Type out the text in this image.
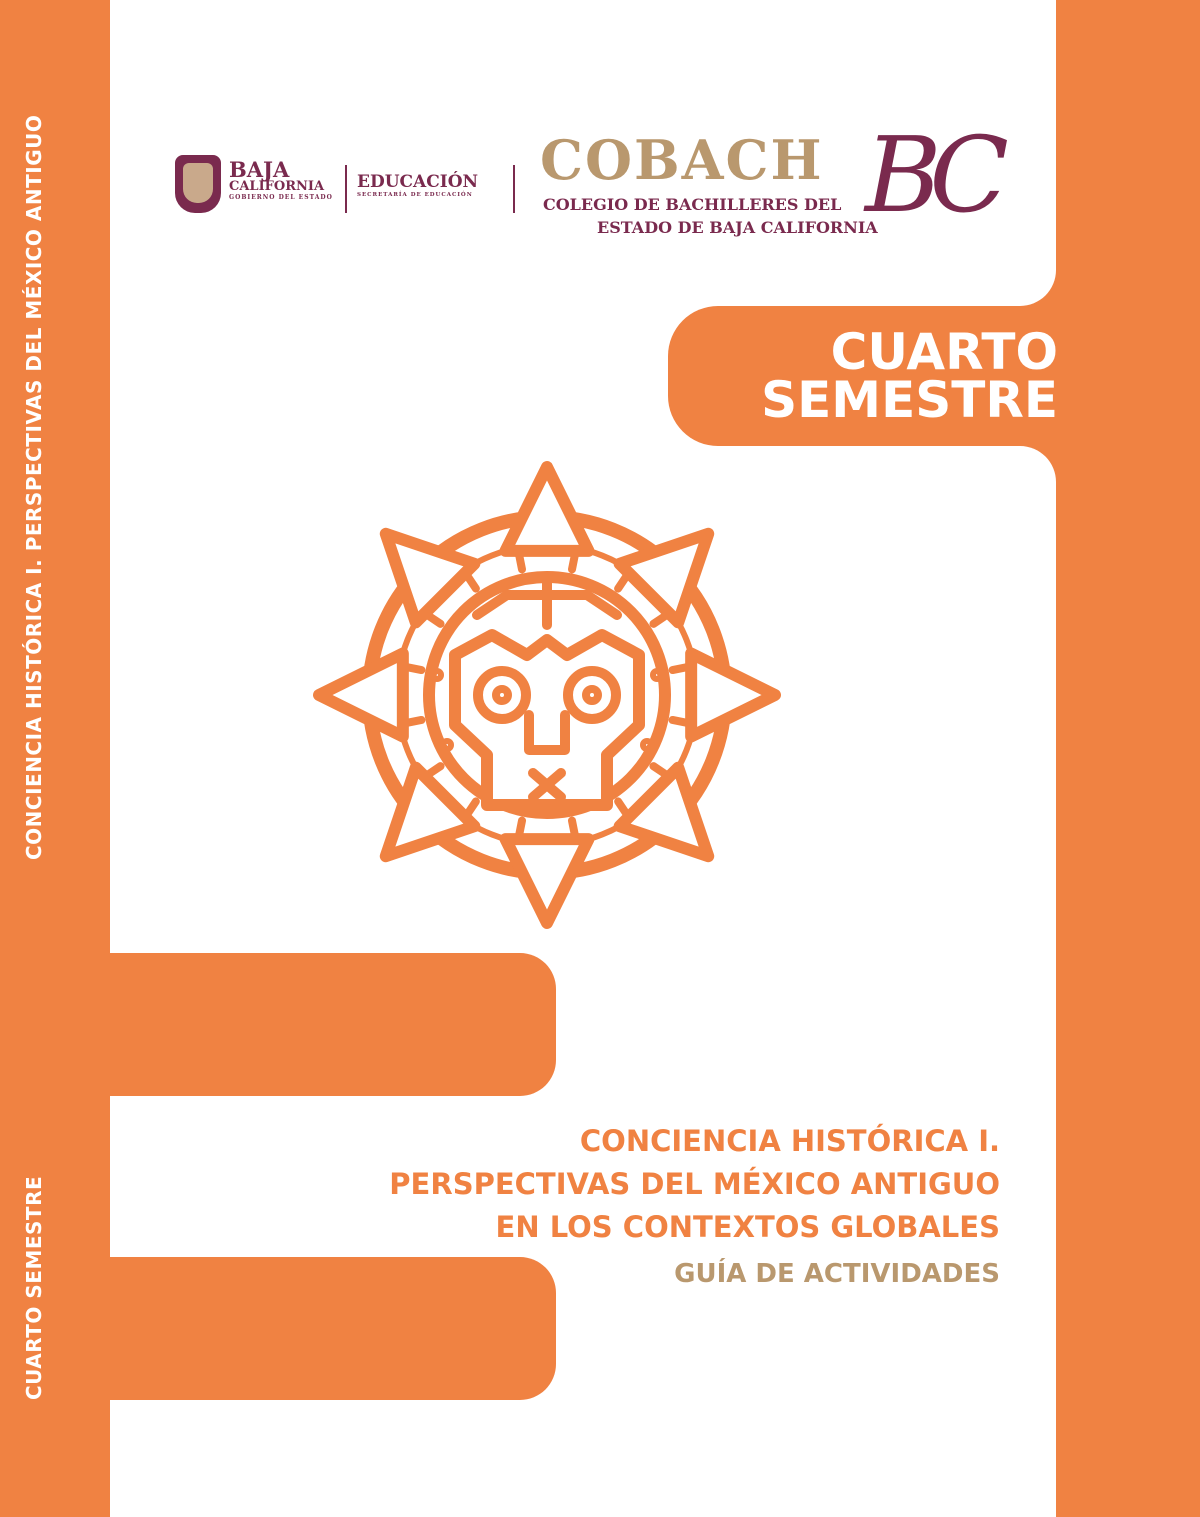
CONCIENCIA HISTÓRICA I. PERSPECTIVAS DEL MÉXICO ANTIGUO
CUARTO SEMESTRE
BAJA
CALIFORNIA
GOBIERNO DEL ESTADO
EDUCACIÓN
SECRETARÍA DE EDUCACIÓN
COBACH BC
COLEGIO DE BACHILLERES DEL
ESTADO DE BAJA CALIFORNIA
CUARTO
SEMESTRE
CONCIENCIA HISTÓRICA I.
PERSPECTIVAS DEL MÉXICO ANTIGUO
EN LOS CONTEXTOS GLOBALES
GUÍA DE ACTIVIDADES
